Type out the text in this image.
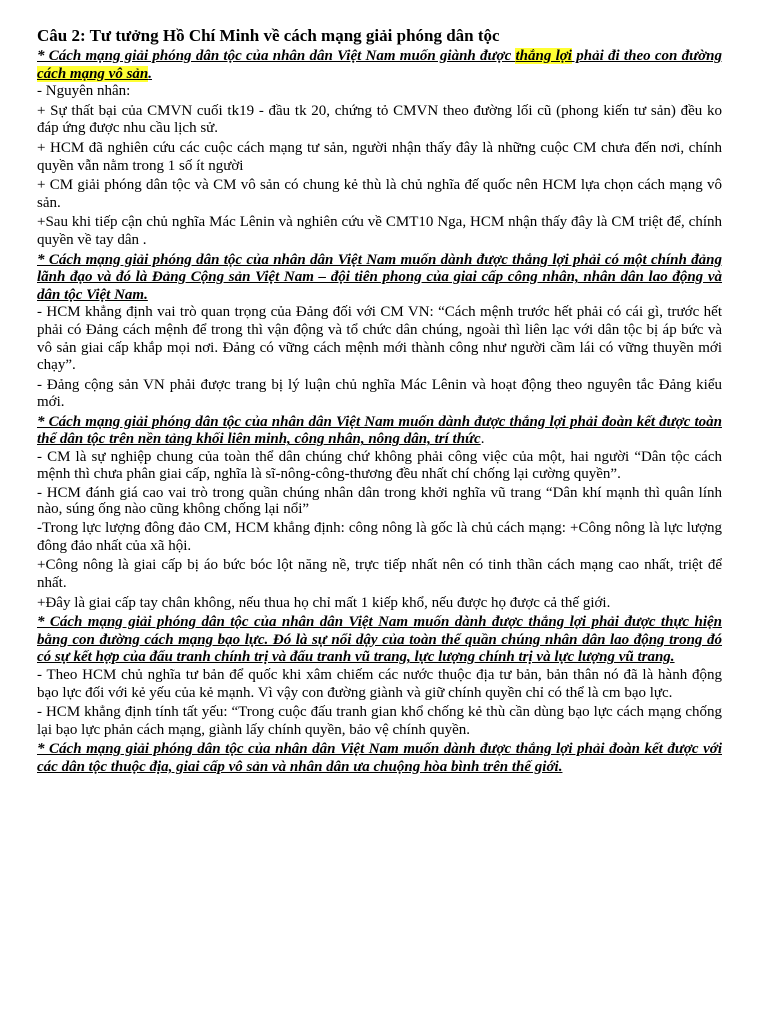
Câu 2: Tư tưởng Hồ Chí Minh về cách mạng giải phóng dân tộc

* Cách mạng giải phóng dân tộc của nhân dân Việt Nam muốn giành được thắng lợi phải đi theo con đường cách mạng vô sản.

- Nguyên nhân:

+ Sự thất bại của CMVN cuối tk19 - đầu tk 20, chứng tỏ CMVN theo đường lối cũ (phong kiến tư sản) đều ko đáp ứng được nhu cầu lịch sử.

+ HCM đã nghiên cứu các cuộc cách mạng tư sản, người nhận thấy đây là những cuộc CM chưa đến nơi, chính quyền vẫn nằm trong 1 số ít người

+ CM giải phóng dân tộc và CM vô sản có chung kẻ thù là chủ nghĩa đế quốc nên HCM lựa chọn cách mạng vô sản.

+Sau khi tiếp cận chủ nghĩa Mác Lênin và nghiên cứu về CMT10 Nga, HCM nhận thấy đây là CM triệt để, chính quyền về tay dân .

* Cách mạng giải phóng dân tộc của nhân dân Việt Nam muốn dành được thắng lợi phải có một chính đảng lãnh đạo và đó là Đảng Cộng sản Việt Nam – đội tiên phong của giai cấp công nhân, nhân dân lao động và dân tộc Việt Nam.

- HCM khẳng định vai trò quan trọng của Đảng đối với CM VN: “Cách mệnh trước hết phải có cái gì, trước hết phải có Đảng cách mệnh để trong thì vận động và tổ chức dân chúng, ngoài thì liên lạc với dân tộc bị áp bức và vô sản giai cấp khắp mọi nơi. Đảng có vững cách mệnh mới thành công như người cầm lái có vững thuyền mới chạy”.

- Đảng cộng sản VN phải được trang bị lý luận chủ nghĩa Mác Lênin và hoạt động theo nguyên tắc Đảng kiểu mới.

* Cách mạng giải phóng dân tộc của nhân dân Việt Nam muốn dành được thắng lợi phải đoàn kết được toàn thể dân tộc trên nền tảng khối liên minh, công nhân, nông dân, trí thức.

- CM là sự nghiệp chung của toàn thể dân chúng chứ không phải công việc của một, hai người “Dân tộc cách mệnh thì chưa phân giai cấp, nghĩa là sĩ-nông-công-thương đều nhất chí chống lại cường quyền”.

- HCM đánh giá cao vai trò trong quần chúng nhân dân trong khởi nghĩa vũ trang “Dân khí mạnh thì quân lính nào, súng ống nào cũng không chống lại nổi”

-Trong lực lượng đông đảo CM, HCM khẳng định: công nông là gốc là chủ cách mạng: +Công nông là lực lượng đông đảo nhất của xã hội.

+Công nông là giai cấp bị áo bức bóc lột năng nề, trực tiếp nhất nên có tinh thần cách mạng cao nhất, triệt để nhất.

+Đây là giai cấp tay chân không, nếu thua họ chỉ mất 1 kiếp khổ, nếu được họ được cả thế giới.

* Cách mạng giải phóng dân tộc của nhân dân Việt Nam muốn dành được thắng lợi phải được thực hiện bằng con đường cách mạng bạo lực. Đó là sự nổi dậy của toàn thể quần chúng nhân dân lao động trong đó có sự kết hợp của đấu tranh chính trị và đấu tranh vũ trang, lực lượng chính trị và lực lượng vũ trang.

- Theo HCM chủ nghĩa tư bản để quốc khi xâm chiếm các nước thuộc địa tư bản, bản thân nó đã là hành động bạo lực đối với kẻ yếu của kẻ mạnh. Vì vậy con đường giành và giữ chính quyền chỉ có thể là cm bạo lực.

- HCM khẳng định tính tất yếu: “Trong cuộc đấu tranh gian khổ chống kẻ thù cần dùng bạo lực cách mạng chống lại bạo lực phản cách mạng, giành lấy chính quyền, bảo vệ chính quyền.

* Cách mạng giải phóng dân tộc của nhân dân Việt Nam muốn dành được thắng lợi phải đoàn kết được với các dân tộc thuộc địa, giai cấp vô sản và nhân dân ưa chuộng hòa bình trên thế giới.
